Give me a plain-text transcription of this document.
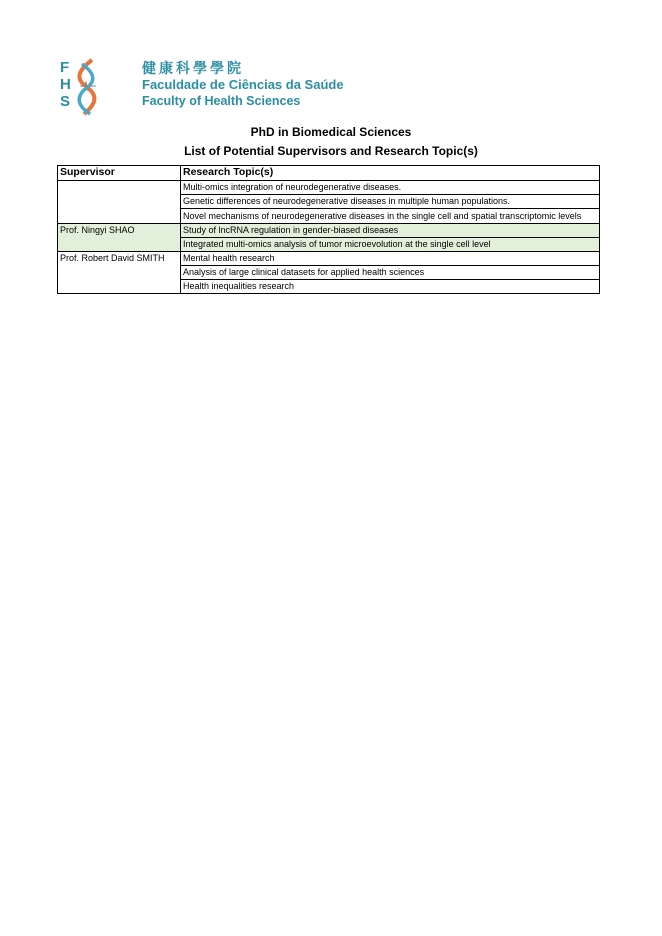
F
H
S
健康科學學院
Faculdade de Ciências da Saúde
Faculty of Health Sciences
PhD in Biomedical Sciences
List of Potential Supervisors and Research Topic(s)
Supervisor	Research Topic(s)
	Multi-omics integration of neurodegenerative diseases.
	Genetic differences of neurodegenerative diseases in multiple human populations.
	Novel mechanisms of neurodegenerative diseases in the single cell and spatial transcriptomic levels
Prof. Ningyi SHAO	Study of lncRNA regulation in gender-biased diseases
	Integrated multi-omics analysis of tumor microevolution at the single cell level
Prof. Robert David SMITH	Mental health research
	Analysis of large clinical datasets for applied health sciences
	Health inequalities research
